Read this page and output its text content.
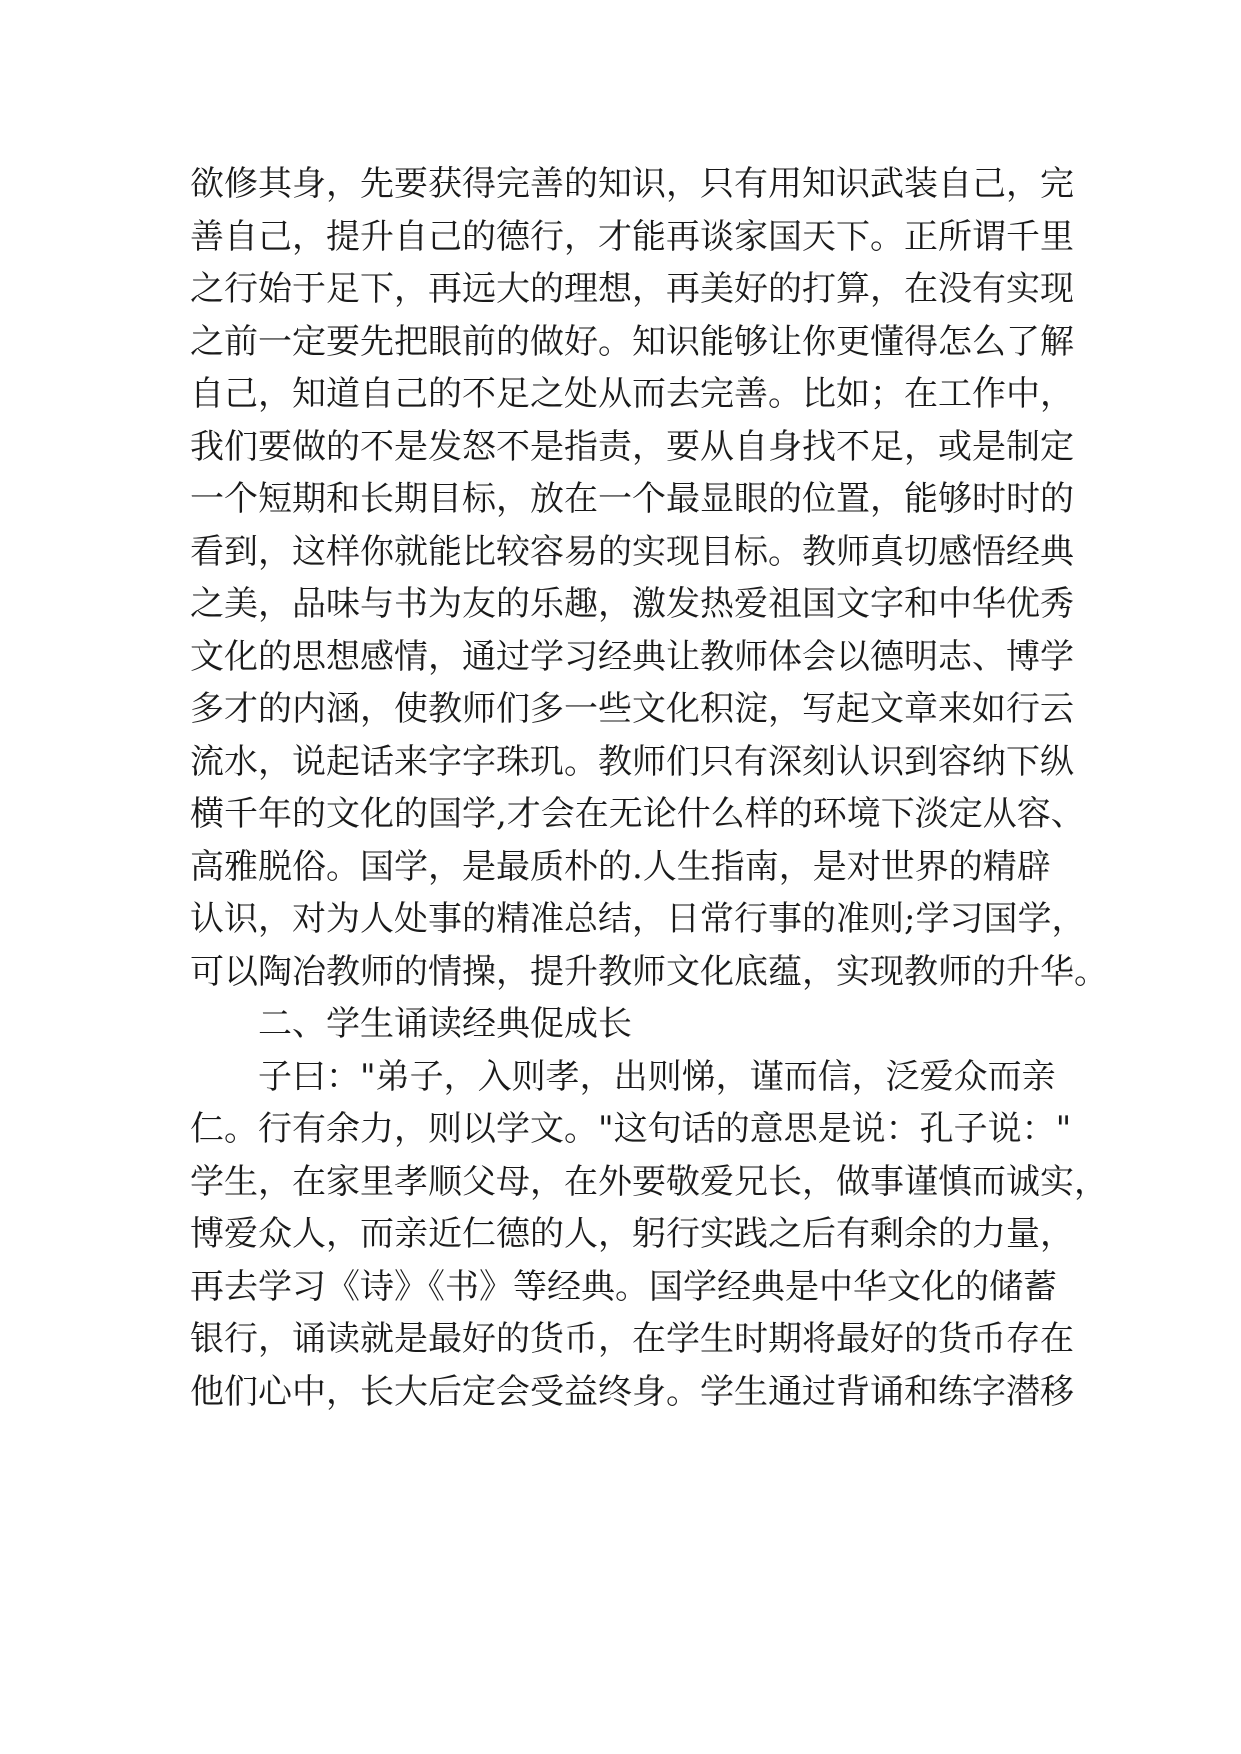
欲修其身，先要获得完善的知识，只有用知识武装自己，完
善自己，提升自己的德行，才能再谈家国天下。正所谓千里
之行始于足下，再远大的理想，再美好的打算，在没有实现
之前一定要先把眼前的做好。知识能够让你更懂得怎么了解
自己，知道自己的不足之处从而去完善。比如；在工作中，
我们要做的不是发怒不是指责，要从自身找不足，或是制定
一个短期和长期目标，放在一个最显眼的位置，能够时时的
看到，这样你就能比较容易的实现目标。教师真切感悟经典
之美，品味与书为友的乐趣，激发热爱祖国文字和中华优秀
文化的思想感情，通过学习经典让教师体会以德明志、博学
多才的内涵，使教师们多一些文化积淀，写起文章来如行云
流水，说起话来字字珠玑。教师们只有深刻认识到容纳下纵
横千年的文化的国学,才会在无论什么样的环境下淡定从容、
高雅脱俗。国学，是最质朴的.人生指南，是对世界的精辟
认识，对为人处事的精准总结，日常行事的准则;学习国学，
可以陶冶教师的情操，提升教师文化底蕴，实现教师的升华。
二、学生诵读经典促成长
子曰："弟子，入则孝，出则悌，谨而信，泛爱众而亲
仁。行有余力，则以学文。"这句话的意思是说：孔子说："
学生，在家里孝顺父母，在外要敬爱兄长，做事谨慎而诚实，
博爱众人，而亲近仁德的人，躬行实践之后有剩余的力量，
再去学习《诗》《书》等经典。国学经典是中华文化的储蓄
银行，诵读就是最好的货币，在学生时期将最好的货币存在
他们心中，长大后定会受益终身。学生通过背诵和练字潜移
